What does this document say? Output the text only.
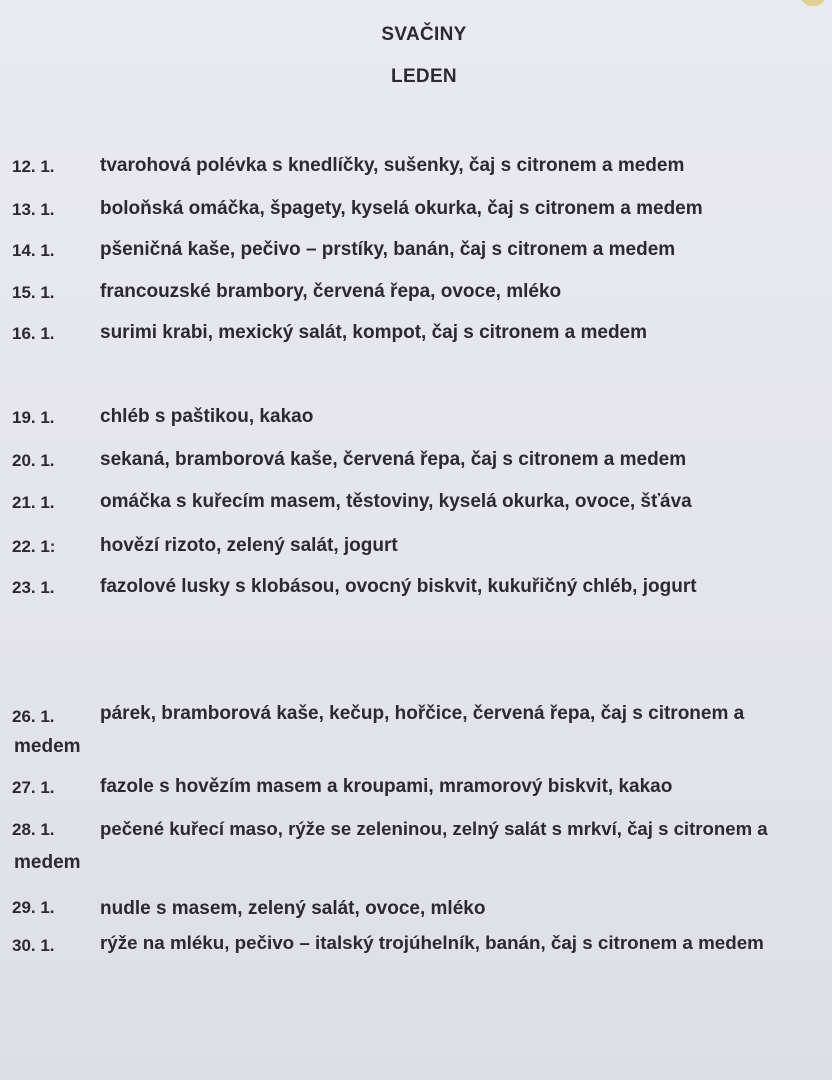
SVAČINY
LEDEN
12. 1. tvarohová polévka s knedlíčky, sušenky, čaj s citronem a medem
13. 1. boloňská omáčka, špagety, kyselá okurka, čaj s citronem a medem
14. 1. pšeničná kaše, pečivo – prstíky, banán, čaj s citronem a medem
15. 1. francouzské brambory, červená řepa, ovoce, mléko
16. 1. surimi krabi, mexický salát, kompot, čaj s citronem a medem
19. 1. chléb s paštikou, kakao
20. 1. sekaná, bramborová kaše, červená řepa, čaj s citronem a medem
21. 1. omáčka s kuřecím masem, těstoviny, kyselá okurka, ovoce, šťáva
22. 1: hovězí rizoto, zelený salát, jogurt
23. 1. fazolové lusky s klobásou, ovocný biskvit, kukuřičný chléb, jogurt
26. 1. párek, bramborová kaše, kečup, hořčice, červená řepa, čaj s citronem a
medem
27. 1. fazole s hovězím masem a kroupami, mramorový biskvit, kakao
28. 1. pečené kuřecí maso, rýže se zeleninou, zelný salát s mrkví, čaj s citronem a
medem
29. 1. nudle s masem, zelený salát, ovoce, mléko
30. 1. rýže na mléku, pečivo – italský trojúhelník, banán, čaj s citronem a medem
